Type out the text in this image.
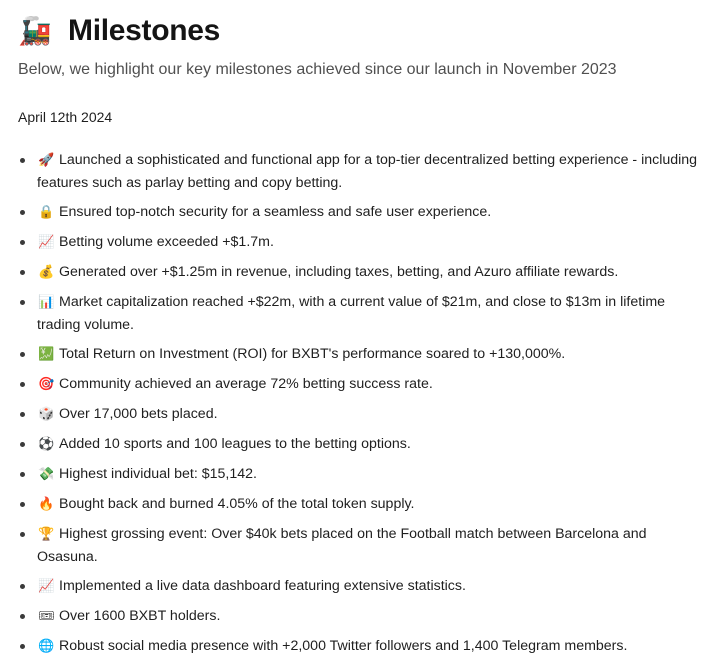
🚂 Milestones
Below, we highlight our key milestones achieved since our launch in November 2023
April 12th 2024
🚀 Launched a sophisticated and functional app for a top-tier decentralized betting experience - including features such as parlay betting and copy betting.
🔒 Ensured top-notch security for a seamless and safe user experience.
📈 Betting volume exceeded +$1.7m.
💰 Generated over +$1.25m in revenue, including taxes, betting, and Azuro affiliate rewards.
📊 Market capitalization reached +$22m, with a current value of $21m, and close to $13m in lifetime trading volume.
💹 Total Return on Investment (ROI) for BXBT's performance soared to +130,000%.
🎯 Community achieved an average 72% betting success rate.
🎲 Over 17,000 bets placed.
⚽ Added 10 sports and 100 leagues to the betting options.
💸 Highest individual bet: $15,142.
🔥 Bought back and burned 4.05% of the total token supply.
🏆 Highest grossing event: Over $40k bets placed on the Football match between Barcelona and Osasuna.
📈 Implemented a live data dashboard featuring extensive statistics.
🎟 Over 1600 BXBT holders.
🌐 Robust social media presence with +2,000 Twitter followers and 1,400 Telegram members.
